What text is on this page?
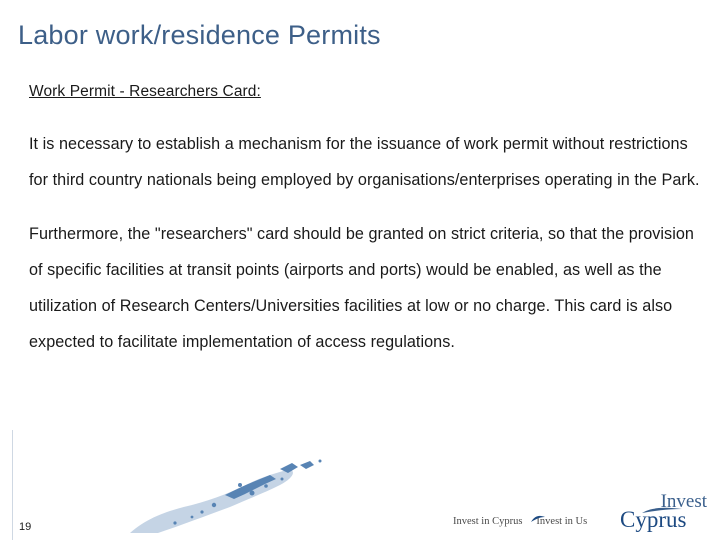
Labor work/residence Permits
Work Permit - Researchers Card:

It is necessary to establish a mechanism for the issuance of work permit without restrictions for third country nationals being employed by organisations/enterprises operating in the Park.

Furthermore, the "researchers" card should be granted on strict criteria, so that the provision of specific facilities at transit points (airports and ports) would be enabled, as well as the utilization of Research Centers/Universities facilities at low or no charge. This card is also expected to facilitate implementation of access regulations.

19	Invest in Cyprus Invest in Us
Invest
Cyprus
